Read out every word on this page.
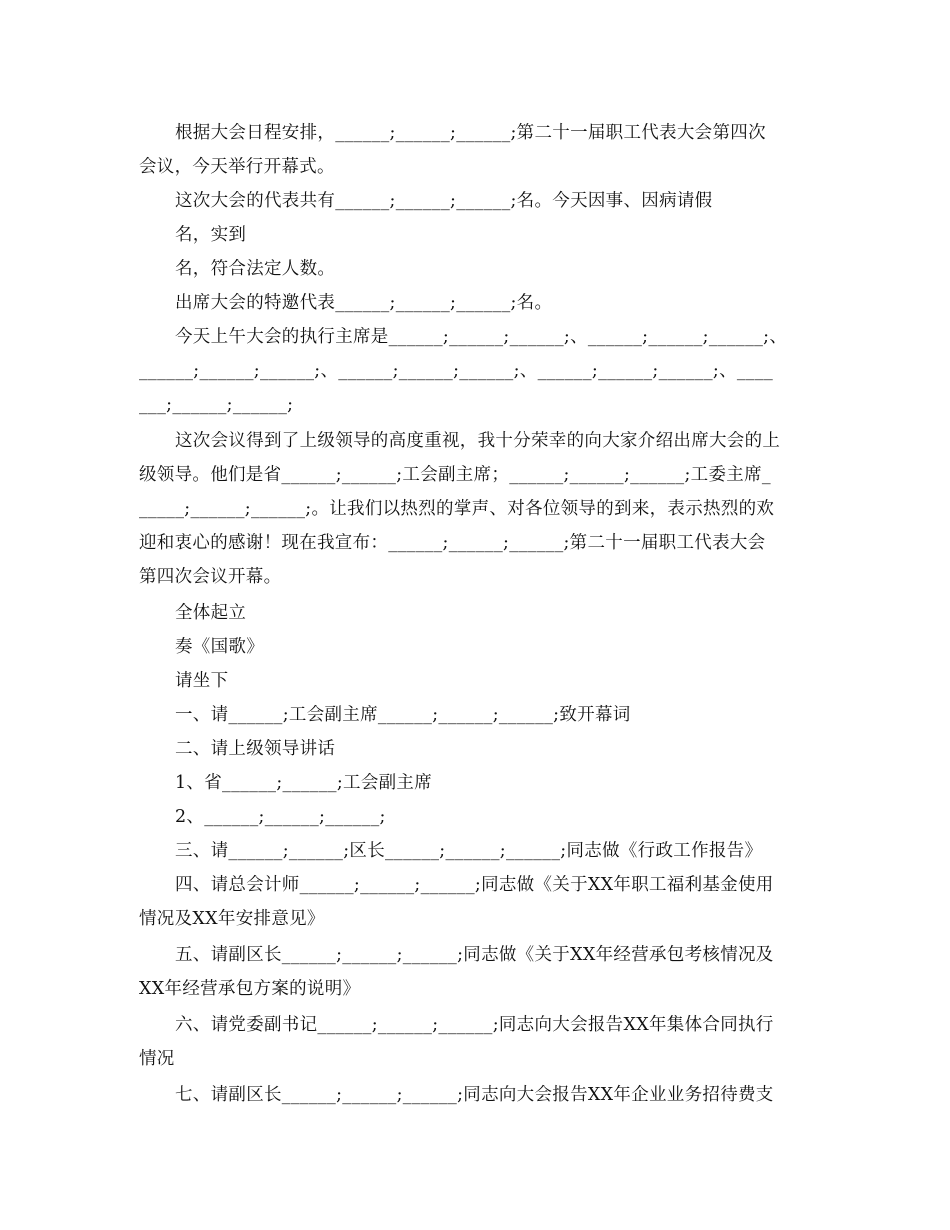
根据大会日程安排，______;______;______;第二十一届职工代表大会第四次
会议，今天举行开幕式。
这次大会的代表共有______;______;______;名。今天因事、因病请假
名，实到
名，符合法定人数。
出席大会的特邀代表______;______;______;名。
今天上午大会的执行主席是______;______;______;、______;______;______;、
______;______;______;、______;______;______;、______;______;______;、____
___;______;______;
这次会议得到了上级领导的高度重视，我十分荣幸的向大家介绍出席大会的上
级领导。他们是省______;______;工会副主席；______;______;______;工委主席_
_____;______;______;。让我们以热烈的掌声、对各位领导的到来，表示热烈的欢
迎和衷心的感谢！现在我宣布：______;______;______;第二十一届职工代表大会
第四次会议开幕。
全体起立
奏《国歌》
请坐下
一、请______;工会副主席______;______;______;致开幕词
二、请上级领导讲话
1、省______;______;工会副主席
2、______;______;______;
三、请______;______;区长______;______;______;同志做《行政工作报告》
四、请总会计师______;______;______;同志做《关于XX年职工福利基金使用
情况及XX年安排意见》
五、请副区长______;______;______;同志做《关于XX年经营承包考核情况及
XX年经营承包方案的说明》
六、请党委副书记______;______;______;同志向大会报告XX年集体合同执行
情况
七、请副区长______;______;______;同志向大会报告XX年企业业务招待费支
